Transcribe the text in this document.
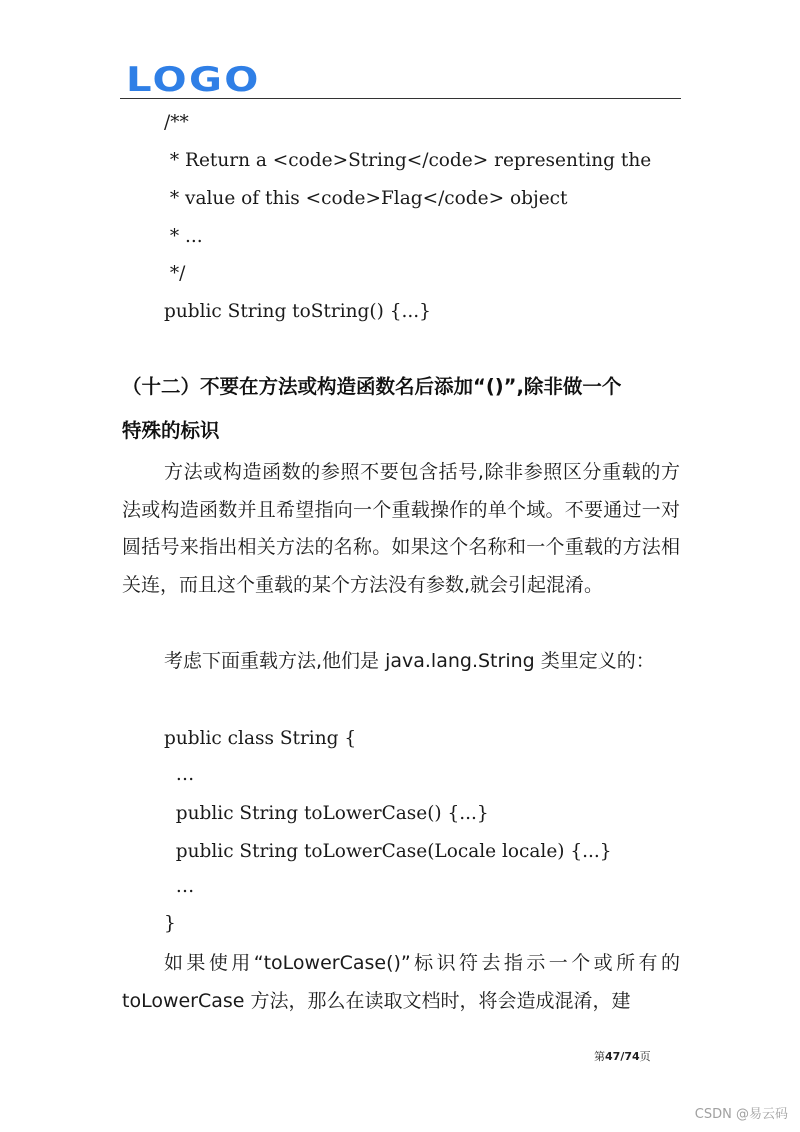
LOGO
/**
* Return a <code>String</code> representing the
* value of this <code>Flag</code> object
* ...
*/
public String toString() {...}
（十二）不要在方法或构造函数名后添加“()”,除非做一个
特殊的标识
方法或构造函数的参照不要包含括号,除非参照区分重载的方法或构造函数并且希望指向一个重载操作的单个域。不要通过一对圆括号来指出相关方法的名称。如果这个名称和一个重载的方法相关连，而且这个重载的某个方法没有参数,就会引起混淆。
考虑下面重载方法,他们是 java.lang.String 类里定义的：
public class String {
…
public String toLowerCase() {...}
public String toLowerCase(Locale locale) {...}
…
}
如果使用“toLowerCase()”标识符去指示一个或所有的 toLowerCase 方法，那么在读取文档时，将会造成混淆，建
第47/74页
CSDN @易云码
